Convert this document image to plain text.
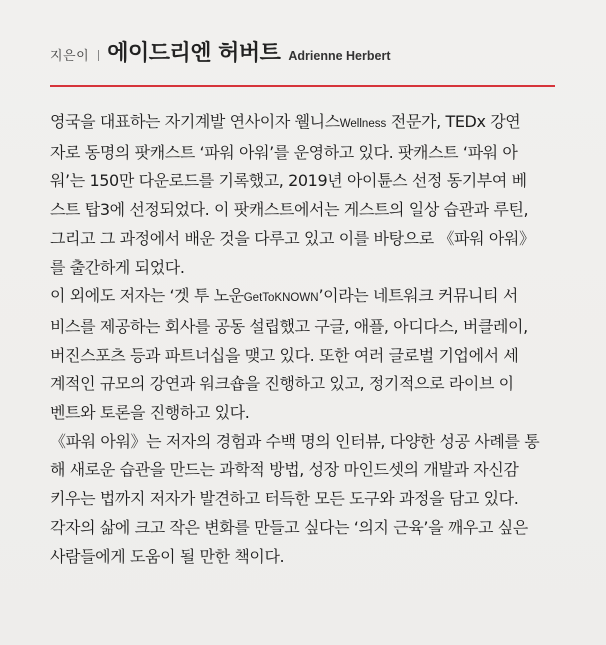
지은이 에이드리엔 허버트 Adrienne Herbert
영국을 대표하는 자기계발 연사이자 웰니스Wellness 전문가, TEDx 강연
자로 동명의 팟캐스트 ‘파워 아워’를 운영하고 있다. 팟캐스트 ‘파워 아
워’는 150만 다운로드를 기록했고, 2019년 아이튠스 선정 동기부여 베
스트 탑3에 선정되었다. 이 팟캐스트에서는 게스트의 일상 습관과 루틴,
그리고 그 과정에서 배운 것을 다루고 있고 이를 바탕으로 《파워 아워》
를 출간하게 되었다.
이 외에도 저자는 ‘겟 투 노운GetToKNOWN’이라는 네트워크 커뮤니티 서
비스를 제공하는 회사를 공동 설립했고 구글, 애플, 아디다스, 버클레이,
버진스포츠 등과 파트너십을 맺고 있다. 또한 여러 글로벌 기업에서 세
계적인 규모의 강연과 워크숍을 진행하고 있고, 정기적으로 라이브 이
벤트와 토론을 진행하고 있다.
《파워 아워》는 저자의 경험과 수백 명의 인터뷰, 다양한 성공 사례를 통
해 새로운 습관을 만드는 과학적 방법, 성장 마인드셋의 개발과 자신감
키우는 법까지 저자가 발견하고 터득한 모든 도구와 과정을 담고 있다.
각자의 삶에 크고 작은 변화를 만들고 싶다는 ‘의지 근육’을 깨우고 싶은
사람들에게 도움이 될 만한 책이다.
